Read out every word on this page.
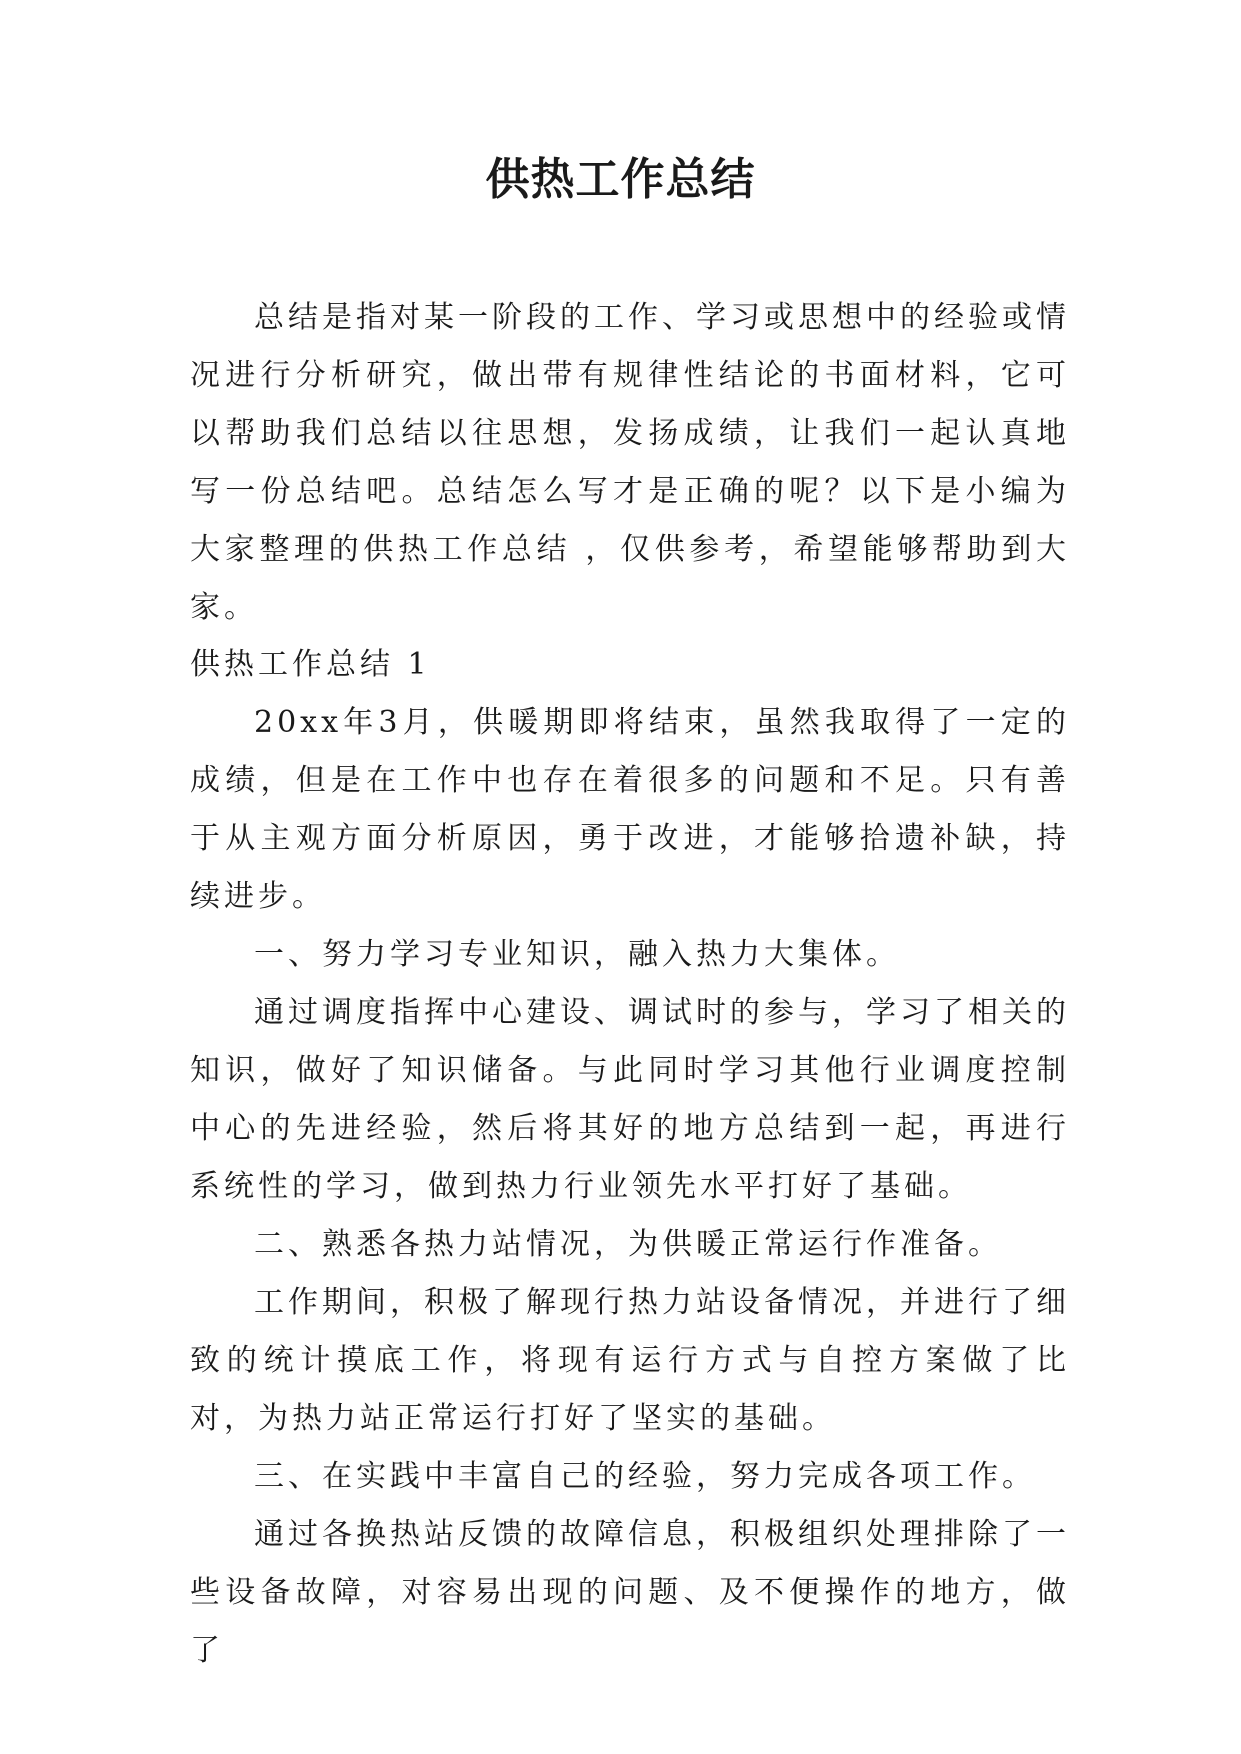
供热工作总结

总结是指对某一阶段的工作、学习或思想中的经验或情况进行分析研究，做出带有规律性结论的书面材料，它可以帮助我们总结以往思想，发扬成绩，让我们一起认真地写一份总结吧。总结怎么写才是正确的呢？以下是小编为大家整理的供热工作总结 ，仅供参考，希望能够帮助到大家。

供热工作总结 1

20xx年3月，供暖期即将结束，虽然我取得了一定的成绩，但是在工作中也存在着很多的问题和不足。只有善于从主观方面分析原因，勇于改进，才能够拾遗补缺，持续进步。

一、努力学习专业知识，融入热力大集体。

通过调度指挥中心建设、调试时的参与，学习了相关的知识，做好了知识储备。与此同时学习其他行业调度控制中心的先进经验，然后将其好的地方总结到一起，再进行系统性的学习，做到热力行业领先水平打好了基础。

二、熟悉各热力站情况，为供暖正常运行作准备。

工作期间，积极了解现行热力站设备情况，并进行了细致的统计摸底工作，将现有运行方式与自控方案做了比对，为热力站正常运行打好了坚实的基础。

三、在实践中丰富自己的经验，努力完成各项工作。

通过各换热站反馈的故障信息，积极组织处理排除了一些设备故障，对容易出现的问题、及不便操作的地方，做了
